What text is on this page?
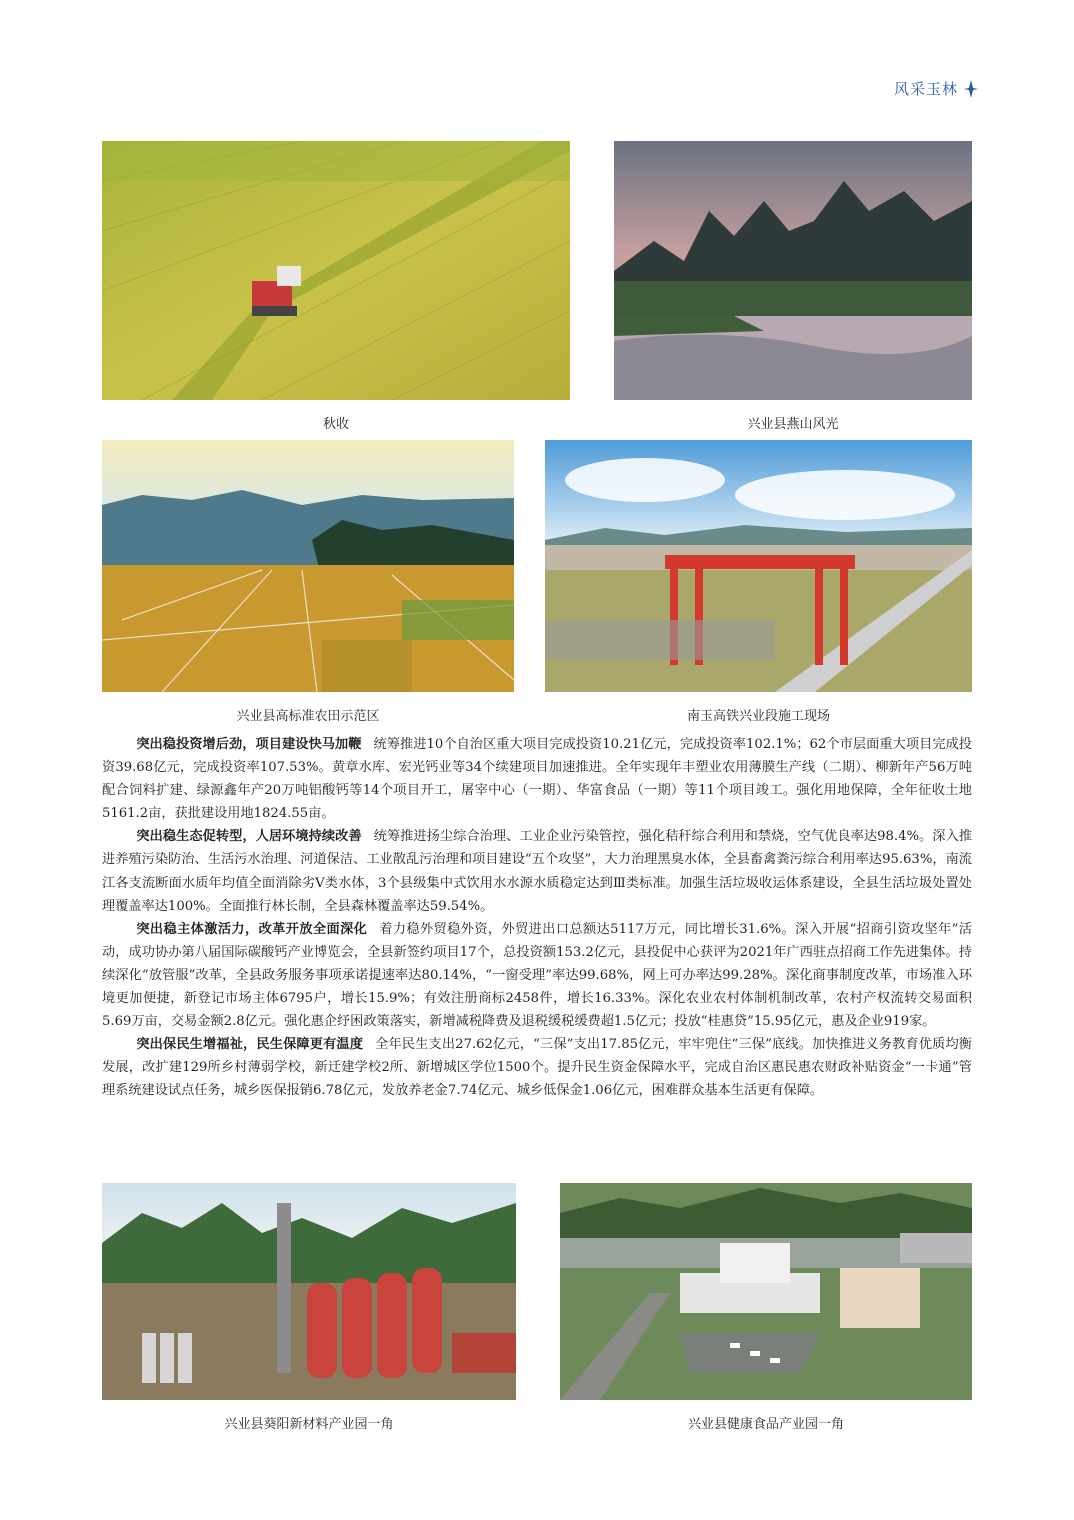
风采玉林
秋收	兴业县燕山风光
兴业县高标准农田示范区	南玉高铁兴业段施工现场

突出稳投资增后劲，项目建设快马加鞭 统筹推进10个自治区重大项目完成投资10.21亿元，完成投资率102.1%；62个市层面重大项目完成投资39.68亿元，完成投资率107.53%。黄章水库、宏光钙业等34个续建项目加速推进。全年实现年丰塑业农用薄膜生产线（二期）、柳新年产56万吨配合饲料扩建、绿源鑫年产20万吨铝酸钙等14个项目开工，屠宰中心（一期）、华富食品（一期）等11个项目竣工。强化用地保障，全年征收土地5161.2亩，获批建设用地1824.55亩。

突出稳生态促转型，人居环境持续改善 统筹推进扬尘综合治理、工业企业污染管控，强化秸秆综合利用和禁烧，空气优良率达98.4%。深入推进养殖污染防治、生活污水治理、河道保洁、工业散乱污治理和项目建设“五个攻坚”，大力治理黑臭水体，全县畜禽粪污综合利用率达95.63%，南流江各支流断面水质年均值全面消除劣Ⅴ类水体，3个县级集中式饮用水水源水质稳定达到Ⅲ类标准。加强生活垃圾收运体系建设，全县生活垃圾处置处理覆盖率达100%。全面推行林长制，全县森林覆盖率达59.54%。

突出稳主体激活力，改革开放全面深化 着力稳外贸稳外资，外贸进出口总额达5117万元，同比增长31.6%。深入开展“招商引资攻坚年”活动，成功协办第八届国际碳酸钙产业博览会，全县新签约项目17个，总投资额153.2亿元，县投促中心获评为2021年广西驻点招商工作先进集体。持续深化“放管服”改革，全县政务服务事项承诺提速率达80.14%，“一窗受理”率达99.68%，网上可办率达99.28%。深化商事制度改革，市场准入环境更加便捷，新登记市场主体6795户，增长15.9%；有效注册商标2458件，增长16.33%。深化农业农村体制机制改革，农村产权流转交易面积5.69万亩，交易金额2.8亿元。强化惠企纾困政策落实，新增减税降费及退税缓税缓费超1.5亿元；投放“桂惠贷”15.95亿元，惠及企业919家。

突出保民生增福祉，民生保障更有温度 全年民生支出27.62亿元，“三保”支出17.85亿元，牢牢兜住“三保”底线。加快推进义务教育优质均衡发展，改扩建129所乡村薄弱学校，新迁建学校2所、新增城区学位1500个。提升民生资金保障水平，完成自治区惠民惠农财政补贴资金“一卡通”管理系统建设试点任务，城乡医保报销6.78亿元，发放养老金7.74亿元、城乡低保金1.06亿元，困难群众基本生活更有保障。

兴业县葵阳新材料产业园一角	兴业县健康食品产业园一角
